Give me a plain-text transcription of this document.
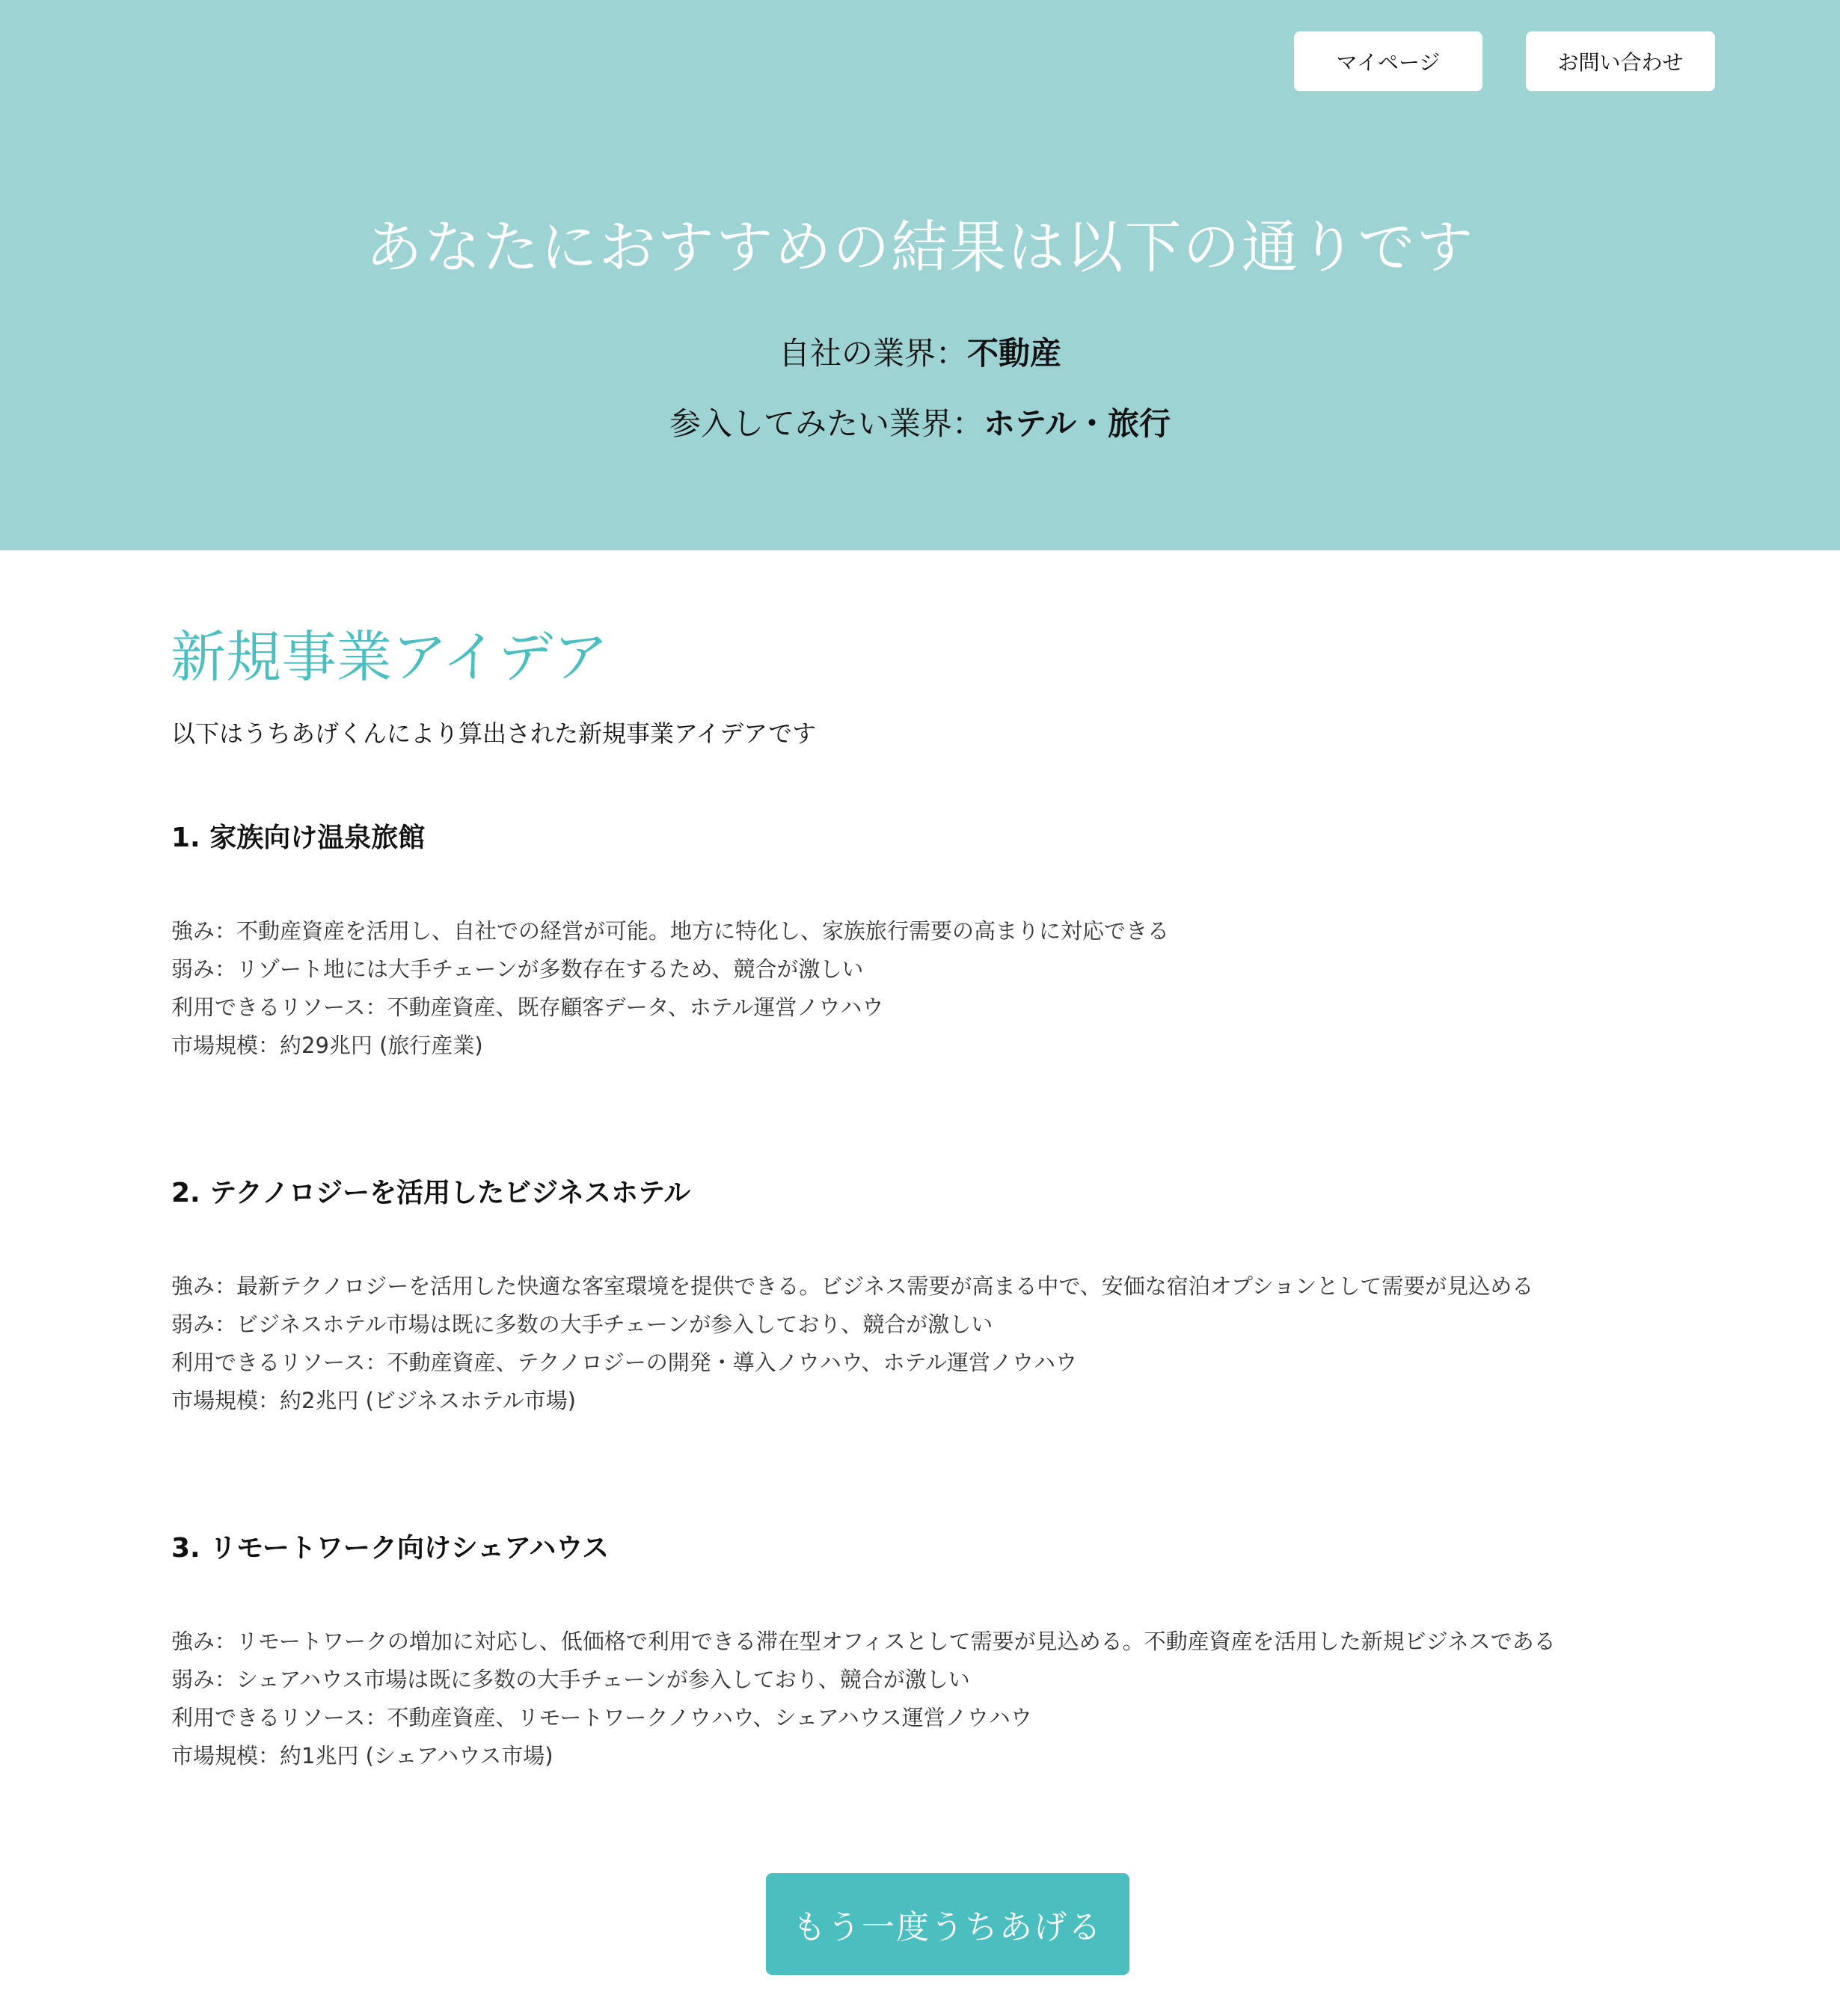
マイページ	お問い合わせ
あなたにおすすめの結果は以下の通りです
自社の業界：不動産
参入してみたい業界：ホテル・旅行
新規事業アイデア

以下はうちあげくんにより算出された新規事業アイデアです

1. 家族向け温泉旅館

強み：不動産資産を活用し、自社での経営が可能。地方に特化し、家族旅行需要の高まりに対応できる

弱み：リゾート地には大手チェーンが多数存在するため、競合が激しい

利用できるリソース：不動産資産、既存顧客データ、ホテル運営ノウハウ

市場規模：約29兆円 (旅行産業)

2. テクノロジーを活用したビジネスホテル

強み：最新テクノロジーを活用した快適な客室環境を提供できる。ビジネス需要が高まる中で、安価な宿泊オプションとして需要が見込める

弱み：ビジネスホテル市場は既に多数の大手チェーンが参入しており、競合が激しい

利用できるリソース：不動産資産、テクノロジーの開発・導入ノウハウ、ホテル運営ノウハウ

市場規模：約2兆円 (ビジネスホテル市場)

3. リモートワーク向けシェアハウス

強み：リモートワークの増加に対応し、低価格で利用できる滞在型オフィスとして需要が見込める。不動産資産を活用した新規ビジネスである

弱み：シェアハウス市場は既に多数の大手チェーンが参入しており、競合が激しい

利用できるリソース：不動産資産、リモートワークノウハウ、シェアハウス運営ノウハウ

市場規模：約1兆円 (シェアハウス市場)

もう一度うちあげる
